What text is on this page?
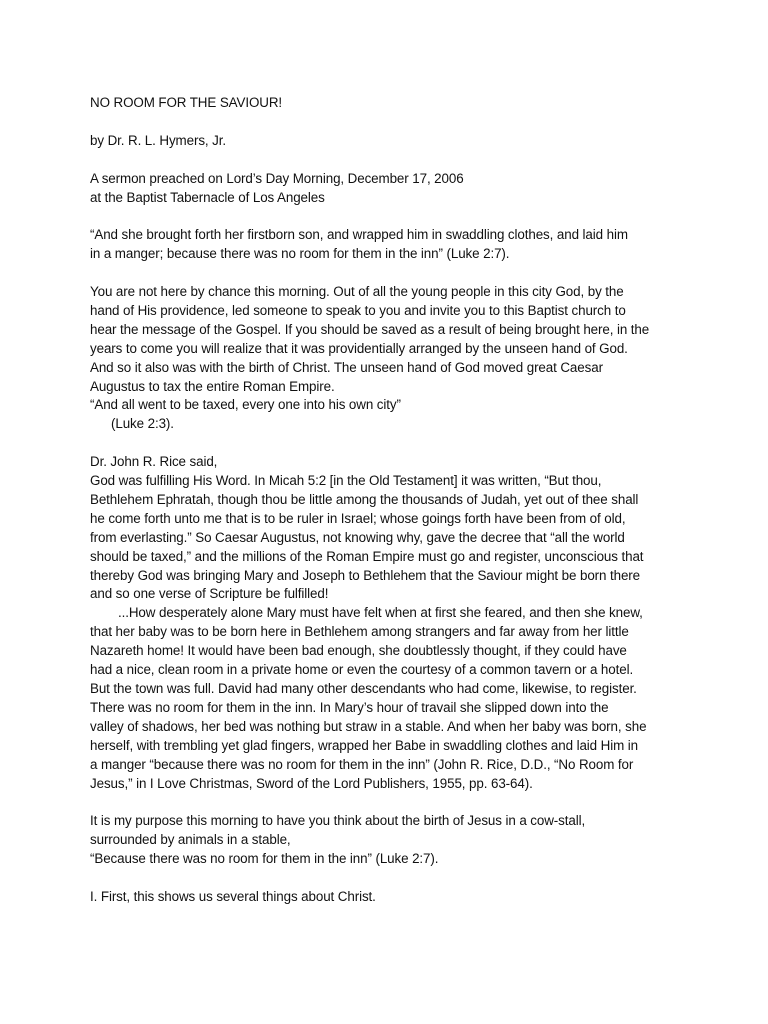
NO ROOM FOR THE SAVIOUR!
by Dr. R. L. Hymers, Jr.
A sermon preached on Lord’s Day Morning, December 17, 2006
at the Baptist Tabernacle of Los Angeles
“And she brought forth her firstborn son, and wrapped him in swaddling clothes, and laid him
in a manger; because there was no room for them in the inn” (Luke 2:7).
You are not here by chance this morning. Out of all the young people in this city God, by the
hand of His providence, led someone to speak to you and invite you to this Baptist church to
hear the message of the Gospel. If you should be saved as a result of being brought here, in the
years to come you will realize that it was providentially arranged by the unseen hand of God.
And so it also was with the birth of Christ. The unseen hand of God moved great Caesar
Augustus to tax the entire Roman Empire.
“And all went to be taxed, every one into his own city”
(Luke 2:3).
Dr. John R. Rice said,
God was fulfilling His Word. In Micah 5:2 [in the Old Testament] it was written, “But thou,
Bethlehem Ephratah, though thou be little among the thousands of Judah, yet out of thee shall
he come forth unto me that is to be ruler in Israel; whose goings forth have been from of old,
from everlasting.” So Caesar Augustus, not knowing why, gave the decree that “all the world
should be taxed,” and the millions of the Roman Empire must go and register, unconscious that
thereby God was bringing Mary and Joseph to Bethlehem that the Saviour might be born there
and so one verse of Scripture be fulfilled!
...How desperately alone Mary must have felt when at first she feared, and then she knew,
that her baby was to be born here in Bethlehem among strangers and far away from her little
Nazareth home! It would have been bad enough, she doubtlessly thought, if they could have
had a nice, clean room in a private home or even the courtesy of a common tavern or a hotel.
But the town was full. David had many other descendants who had come, likewise, to register.
There was no room for them in the inn. In Mary’s hour of travail she slipped down into the
valley of shadows, her bed was nothing but straw in a stable. And when her baby was born, she
herself, with trembling yet glad fingers, wrapped her Babe in swaddling clothes and laid Him in
a manger “because there was no room for them in the inn” (John R. Rice, D.D., “No Room for
Jesus,” in I Love Christmas, Sword of the Lord Publishers, 1955, pp. 63-64).
It is my purpose this morning to have you think about the birth of Jesus in a cow-stall,
surrounded by animals in a stable,
“Because there was no room for them in the inn” (Luke 2:7).
I. First, this shows us several things about Christ.
